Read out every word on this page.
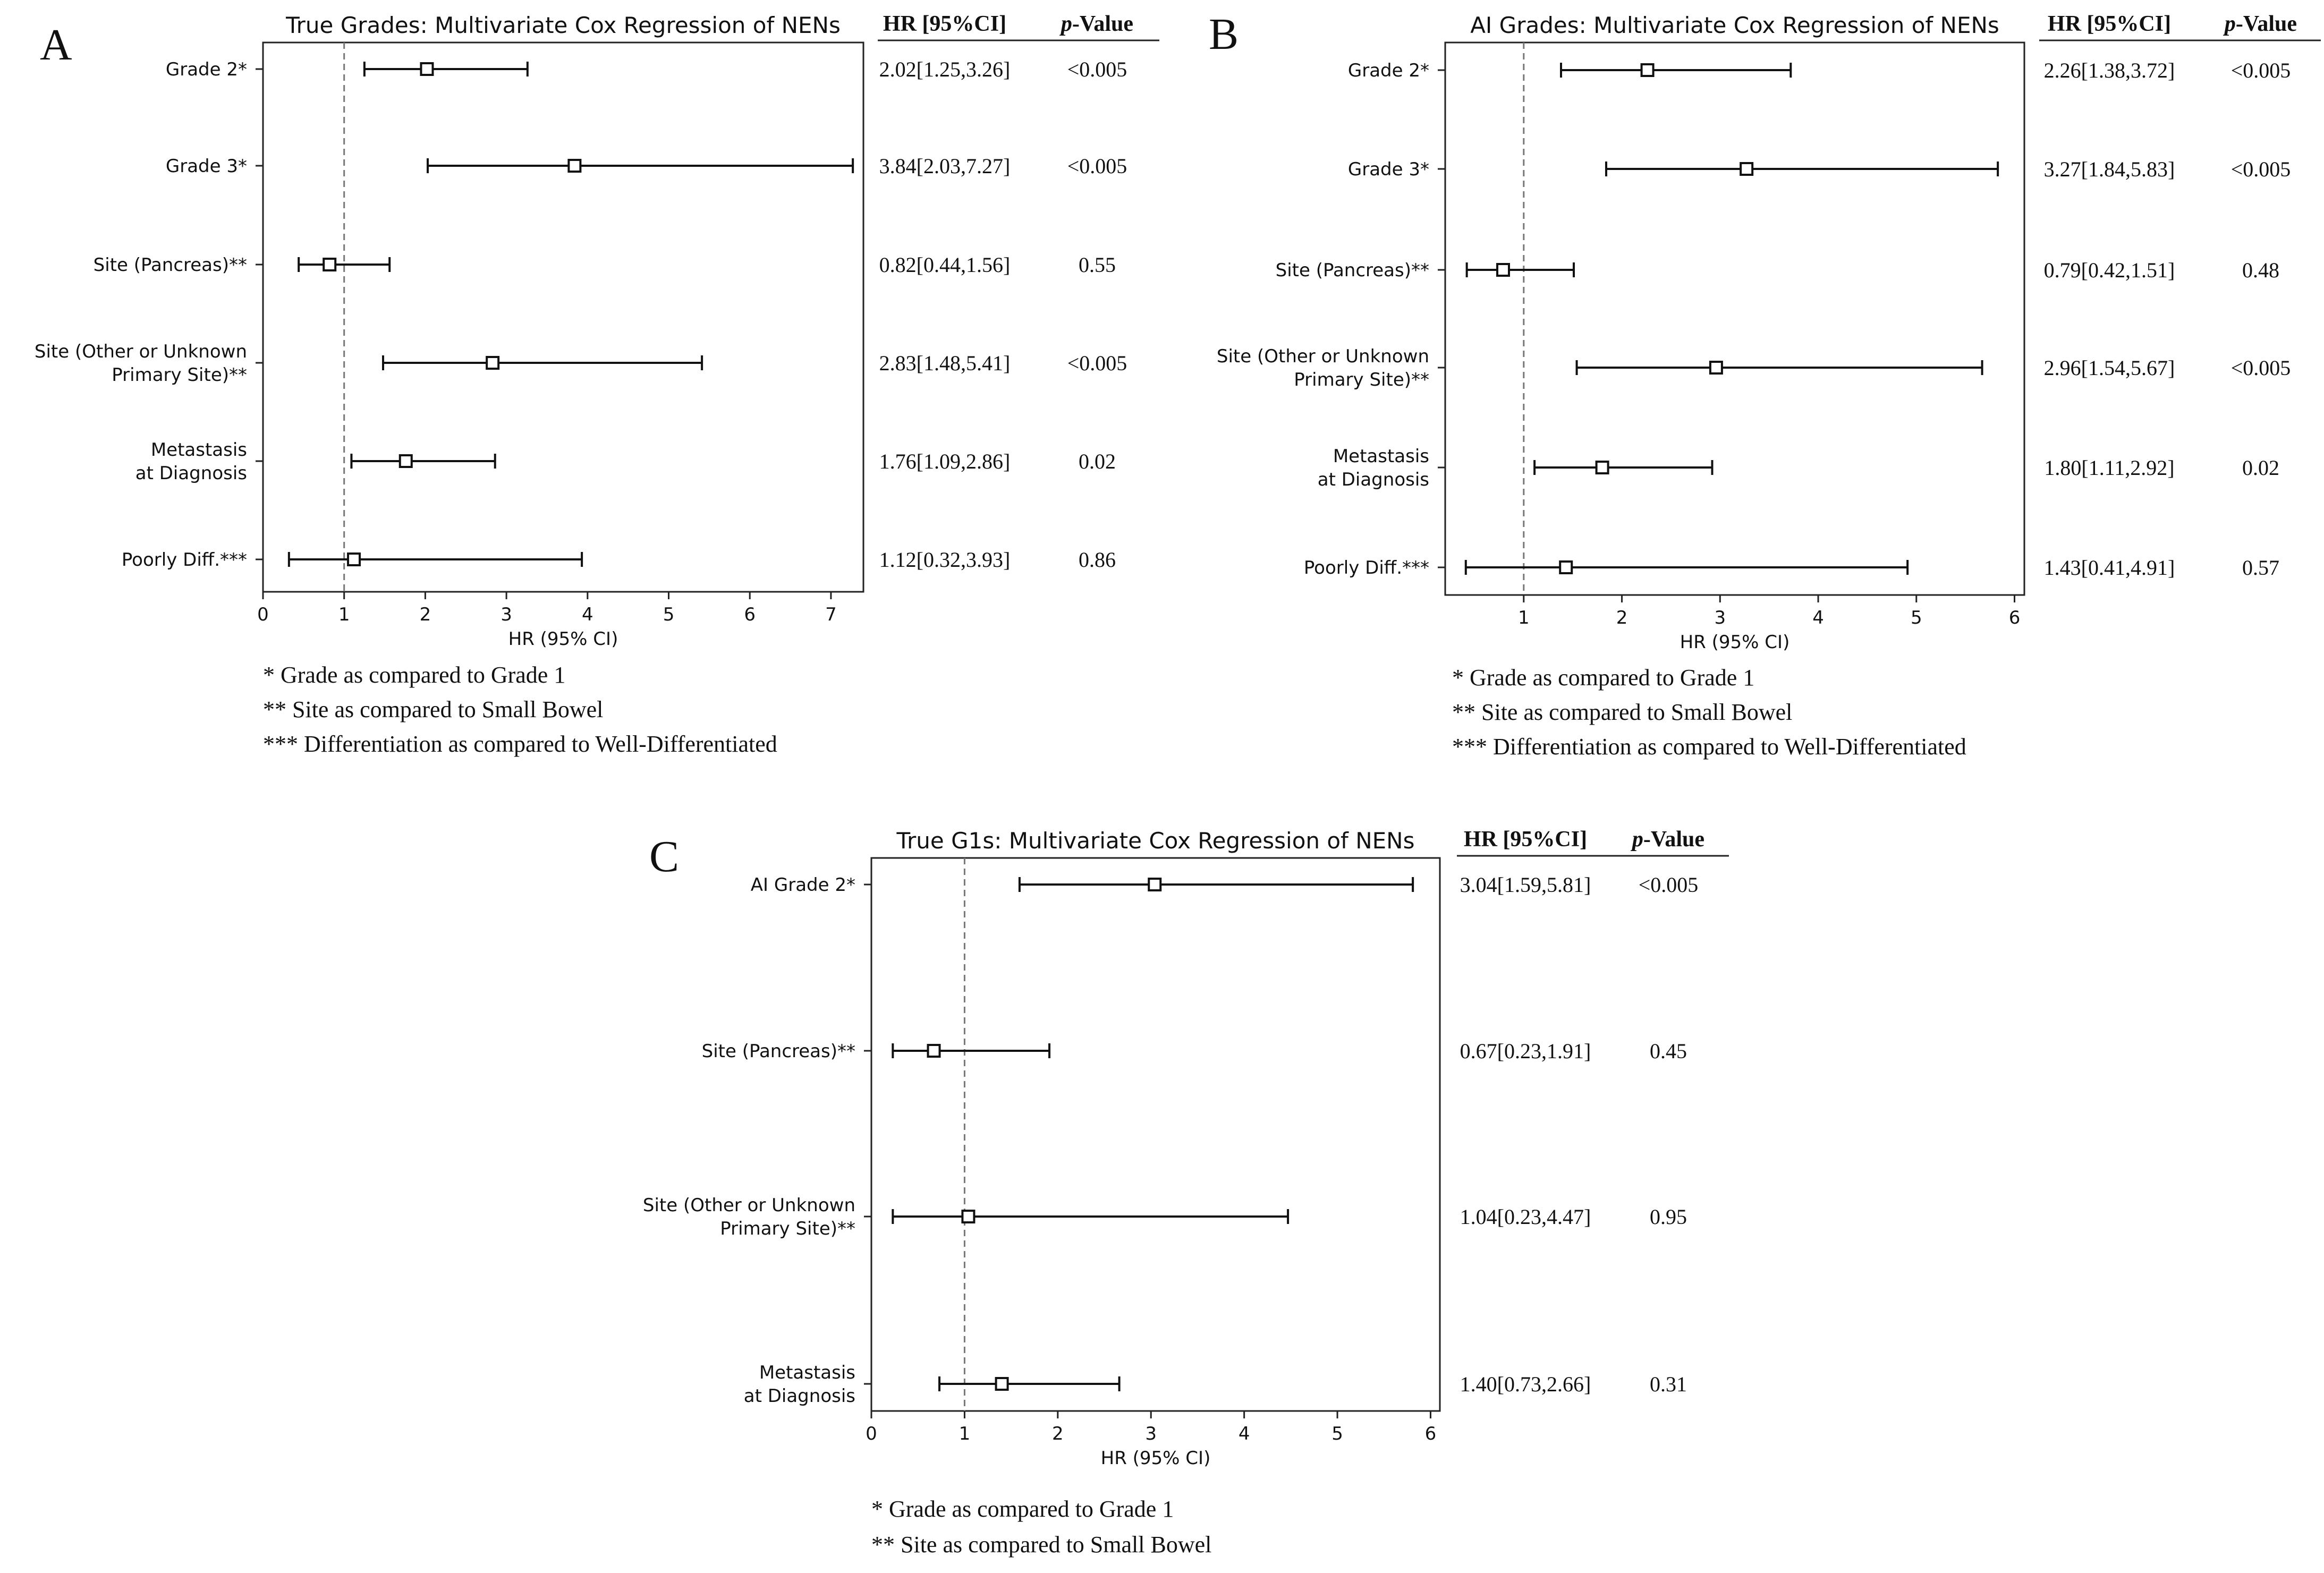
A	True Grades: Multivariate Cox Regression of NENs
0	1	2	3	4	5	6	7
HR (95% CI)
HR [95%CI] p-Value
Grade 2*	2.02[1.25,3.26]	<0.005
Grade 3*	3.84[2.03,7.27]	<0.005
Site (Pancreas)**	0.82[0.44,1.56]	0.55
Site (Other or Unknown
Primary Site)**	2.83[1.48,5.41]	<0.005
Metastasis
at Diagnosis	1.76[1.09,2.86]	0.02
Poorly Diff.***	1.12[0.32,3.93]	0.86
* Grade as compared to Grade 1
** Site as compared to Small Bowel
*** Differentiation as compared to Well-Differentiated
B	AI Grades: Multivariate Cox Regression of NENs
1	2	3	4	5	6
HR (95% CI)
HR [95%CI] p-Value
Grade 2*	2.26[1.38,3.72]	<0.005
Grade 3*	3.27[1.84,5.83]	<0.005
Site (Pancreas)**	0.79[0.42,1.51]	0.48
Site (Other or Unknown
Primary Site)**	2.96[1.54,5.67]	<0.005
Metastasis
at Diagnosis	1.80[1.11,2.92]	0.02
Poorly Diff.***	1.43[0.41,4.91]	0.57
* Grade as compared to Grade 1
** Site as compared to Small Bowel
*** Differentiation as compared to Well-Differentiated
C	True G1s: Multivariate Cox Regression of NENs
0	1	2	3	4	5	6
HR (95% CI)
HR [95%CI] p-Value
AI Grade 2*	3.04[1.59,5.81] <0.005
Site (Pancreas)**	0.67[0.23,1.91]	0.45
Site (Other or Unknown
Primary Site)**	1.04[0.23,4.47]	0.95
Metastasis
at Diagnosis	1.40[0.73,2.66]	0.31
* Grade as compared to Grade 1
** Site as compared to Small Bowel
